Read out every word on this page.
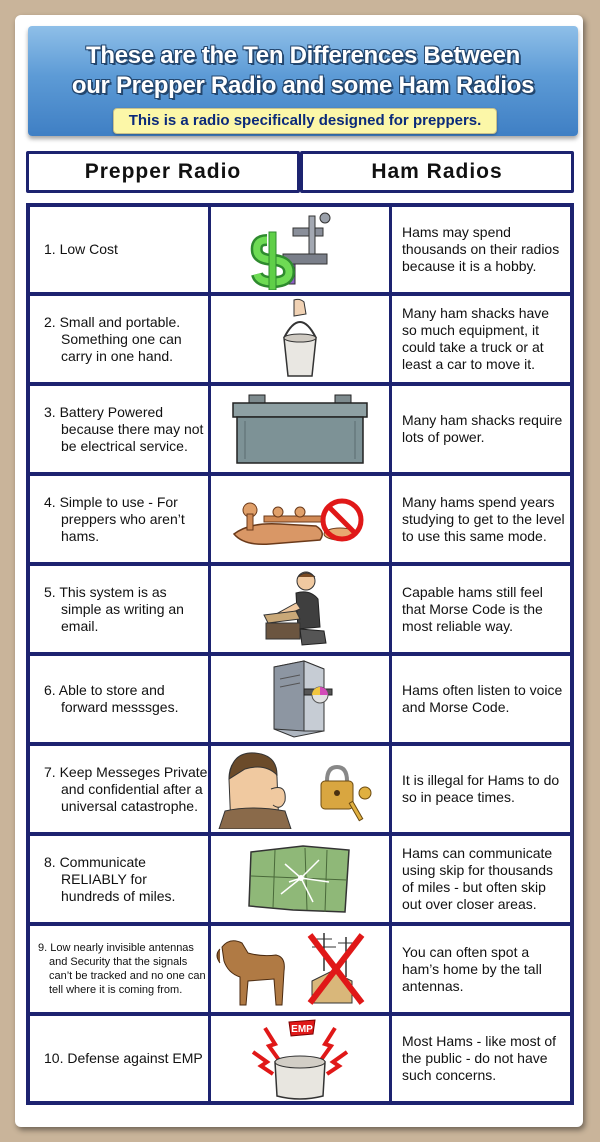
These are the Ten Differences Between
our Prepper Radio and some Ham Radios
This is a radio specifically designed for preppers.
Prepper Radio	Ham Radios
1. Low Cost
Hams may spend thousands on their radios because it is a hobby.
2. Small and portable. Something one can carry in one hand.
Many ham shacks have so much equipment, it could take a truck or at least a car to move it.
3. Battery Powered because there may not be electrical service.
Many ham shacks require lots of power.
4. Simple to use - For preppers who aren’t hams.
Many hams spend years studying to get to the level to use this same mode.
5. This system is as simple as writing an email.
Capable hams still feel that Morse Code is the most reliable way.
6. Able to store and forward messsges.
Hams often listen to voice and Morse Code.
7. Keep Messeges Private and confidential after a universal catastrophe.
It is illegal for Hams to do so in peace times.
8. Communicate RELIABLY for hundreds of miles.
Hams can communicate using skip for thousands of miles - but often skip out over closer areas.
9. Low nearly invisible antennas and Security that the signals can’t be tracked and no one can tell where it is coming from.
You can often spot a ham’s home by the tall antennas.
10. Defense against EMP
EMP
Most Hams - like most of the public - do not have such concerns.
